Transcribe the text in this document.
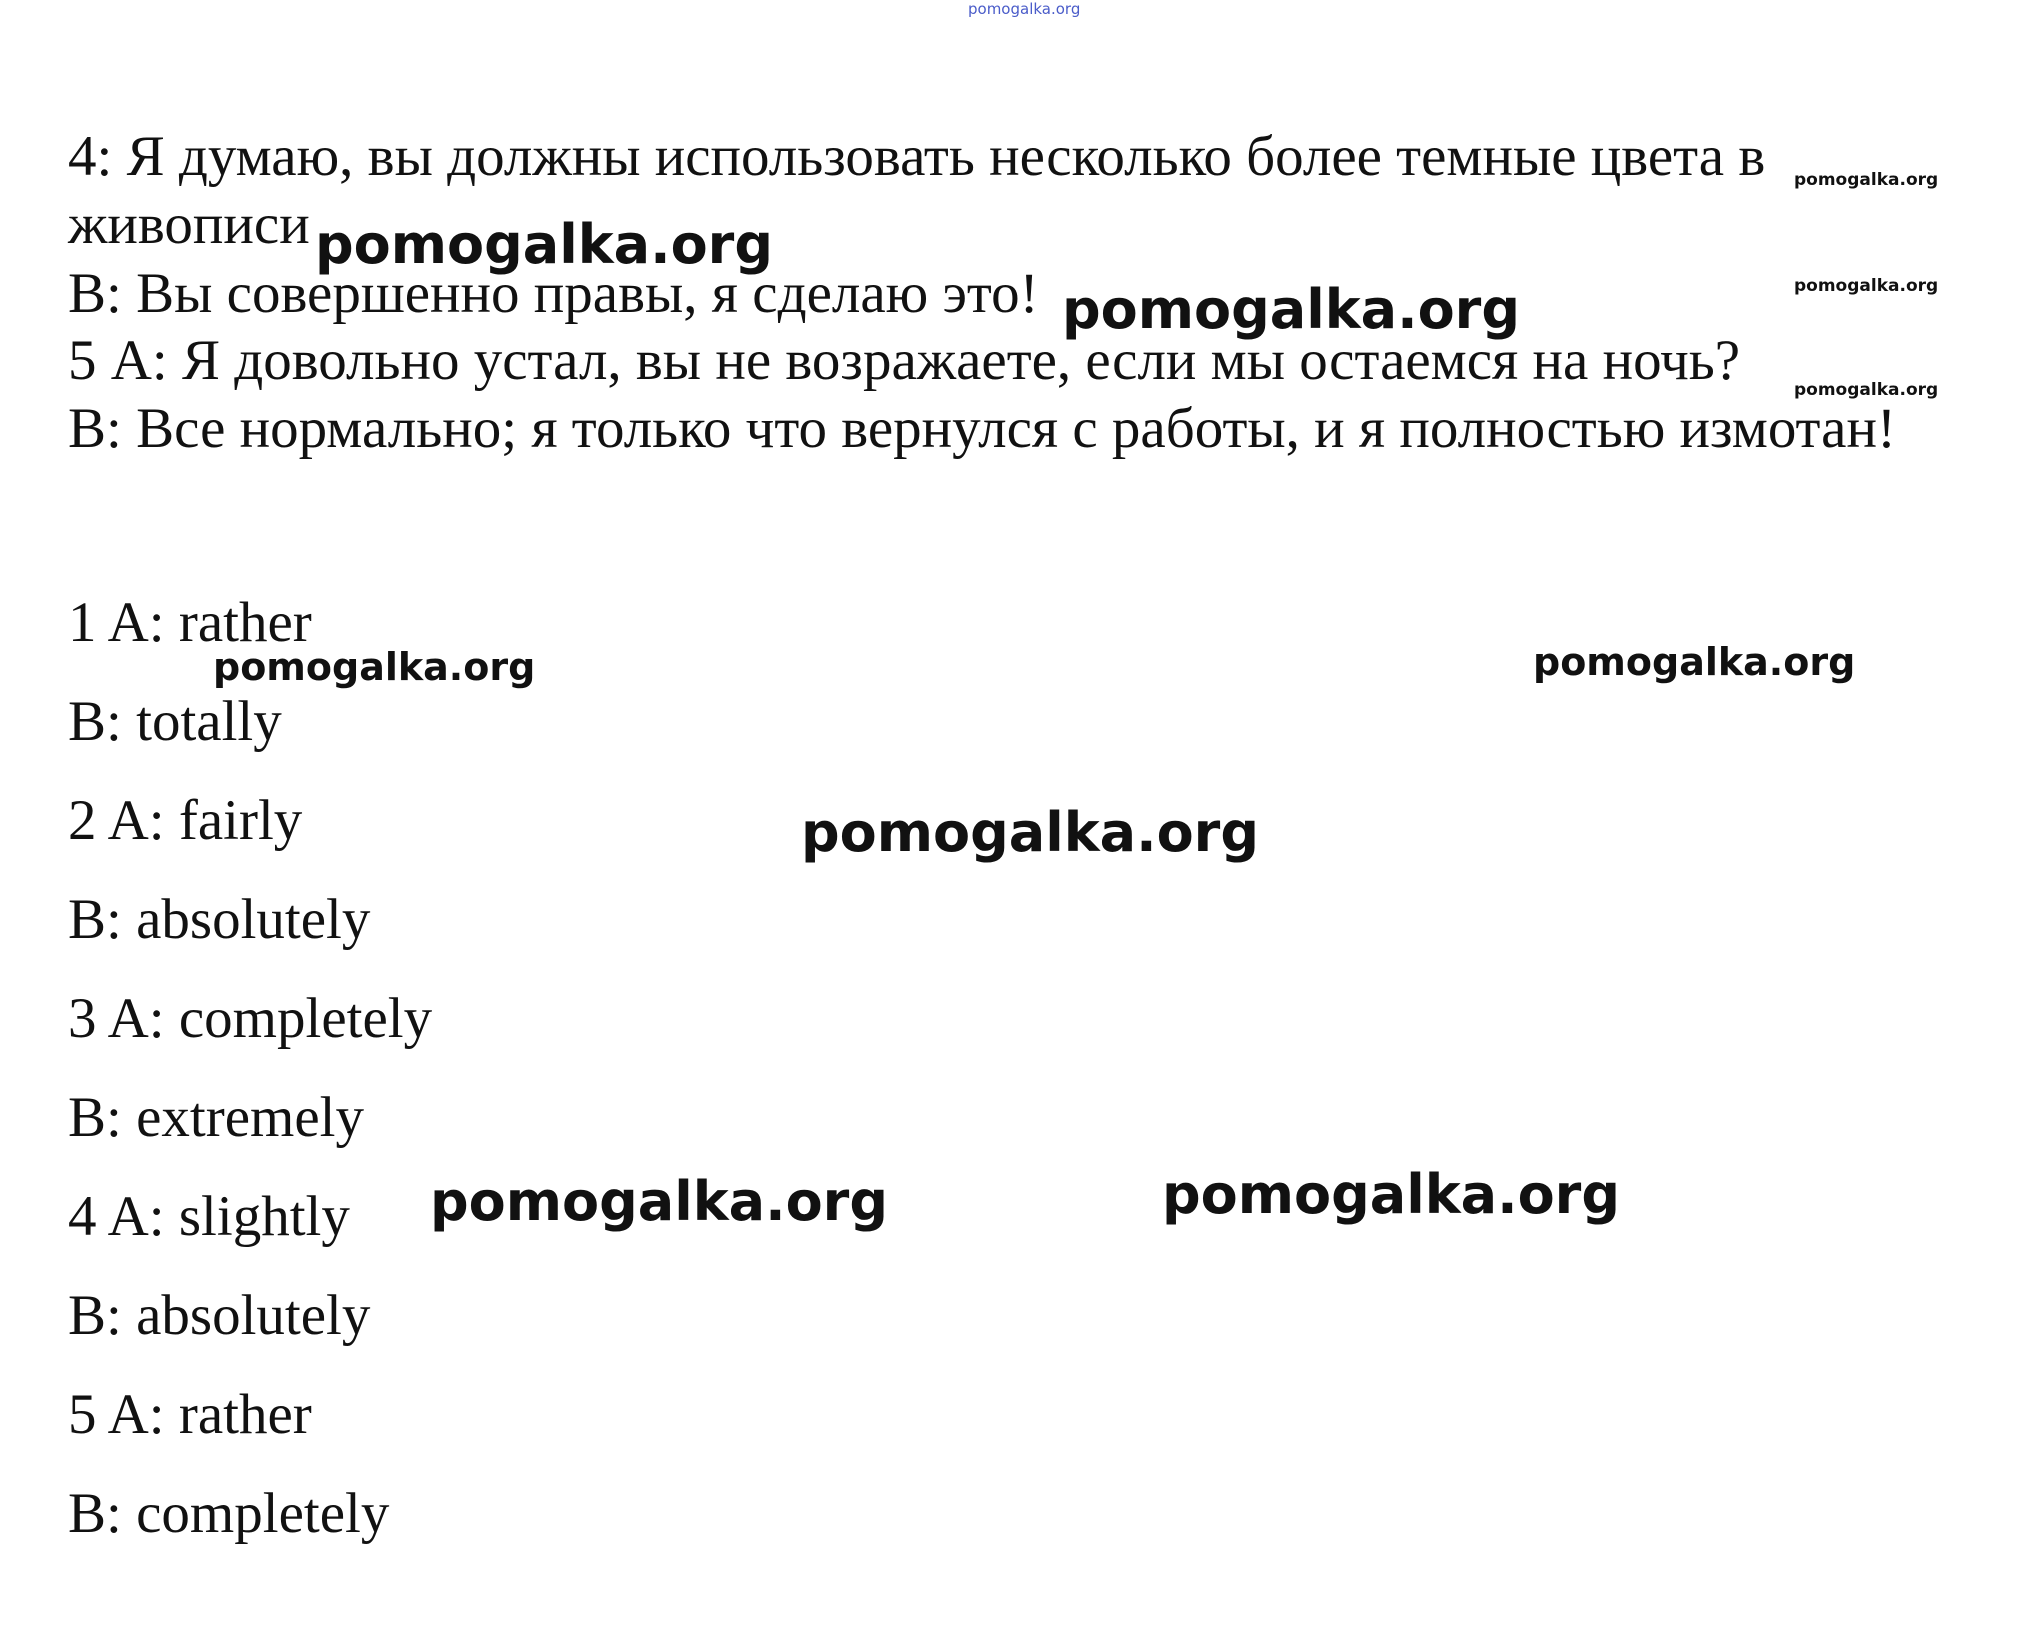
pomogalka.org
4: Я думаю, вы должны использовать несколько более темные цвета в
живописи
В: Вы совершенно правы, я сделаю это!
5 А: Я довольно устал, вы не возражаете, если мы остаемся на ночь?
В: Все нормально; я только что вернулся с работы, и я полностью измотан!
1 A: rather
B: totally
2 A: fairly
B: absolutely
3 A: completely
B: extremely
4 A: slightly
B: absolutely
5 A: rather
B: completely
pomogalka.org
pomogalka.org
pomogalka.org
pomogalka.org
pomogalka.org
pomogalka.org	pomogalka.org
pomogalka.org
pomogalka.org	pomogalka.org
